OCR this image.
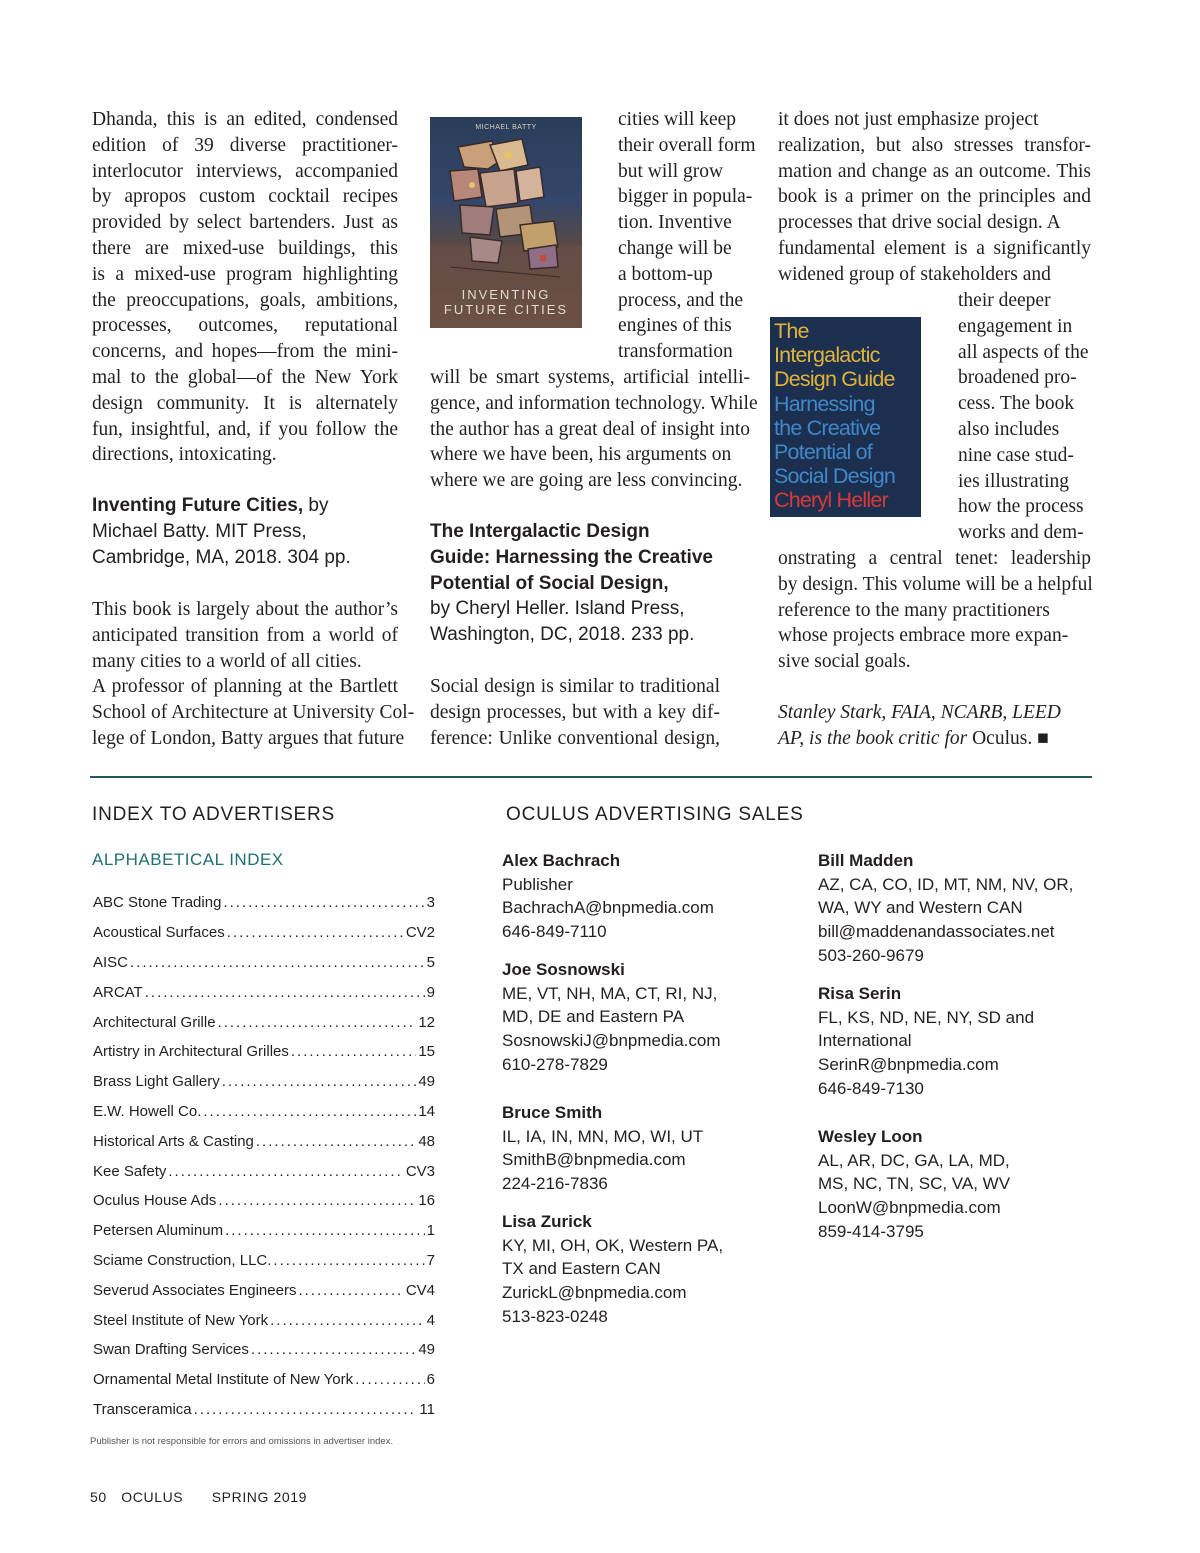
Dhanda, this is an edited, condensed
edition of 39 diverse practitioner-
interlocutor interviews, accompanied
by apropos custom cocktail recipes
provided by select bartenders. Just as
there are mixed-use buildings, this
is a mixed-use program highlighting
the preoccupations, goals, ambitions,
processes, outcomes, reputational
concerns, and hopes—from the mini-
mal to the global—of the New York
design community. It is alternately
fun, insightful, and, if you follow the
directions, intoxicating.
Inventing Future Cities, by
Michael Batty. MIT Press,
Cambridge, MA, 2018. 304 pp.
This book is largely about the author’s
anticipated transition from a world of
many cities to a world of all cities.
A professor of planning at the Bartlett
School of Architecture at University Col-
lege of London, Batty argues that future
MICHAEL BATTY
INVENTING
FUTURE CITIES
cities will keep
their overall form
but will grow
bigger in popula-
tion. Inventive
change will be
a bottom-up
process, and the
engines of this
transformation
will be smart systems, artificial intelli-
gence, and information technology. While
the author has a great deal of insight into
where we have been, his arguments on
where we are going are less convincing.
The Intergalactic Design
Guide: Harnessing the Creative
Potential of Social Design,
by Cheryl Heller. Island Press,
Washington, DC, 2018. 233 pp.
Social design is similar to traditional
design processes, but with a key dif-
ference: Unlike conventional design,
it does not just emphasize project
realization, but also stresses transfor-
mation and change as an outcome. This
book is a primer on the principles and
processes that drive social design. A
fundamental element is a significantly
widened group of stakeholders and
The
Intergalactic
Design Guide
Harnessing
the Creative
Potential of
Social Design
Cheryl Heller
their deeper
engagement in
all aspects of the
broadened pro-
cess. The book
also includes
nine case stud-
ies illustrating
how the process
works and dem-
onstrating a central tenet: leadership
by design. This volume will be a helpful
reference to the many practitioners
whose projects embrace more expan-
sive social goals.
Stanley Stark, FAIA, NCARB, LEED
AP, is the book critic for Oculus. ■
INDEX TO ADVERTISERS
ALPHABETICAL INDEX
ABC Stone Trading .....	3
Acoustical Surfaces .....	CV2
AISC .....	5
ARCAT .....	9
Architectural Grille .....	12
Artistry in Architectural Grilles .....	15
Brass Light Gallery .....	49
E.W. Howell Co. .....	14
Historical Arts & Casting .....	48
Kee Safety .....	CV3
Oculus House Ads .....	16
Petersen Aluminum .....	1
Sciame Construction, LLC. .....	7
Severud Associates Engineers .....	CV4
Steel Institute of New York .....	4
Swan Drafting Services .....	49
Ornamental Metal Institute of New York .....	6
Transceramica .....	11
Publisher is not responsible for errors and omissions in advertiser index.
OCULUS ADVERTISING SALES
Alex Bachrach
Publisher
BachrachA@bnpmedia.com
646-849-7110
Joe Sosnowski
ME, VT, NH, MA, CT, RI, NJ,
MD, DE and Eastern PA
SosnowskiJ@bnpmedia.com
610-278-7829
Bruce Smith
IL, IA, IN, MN, MO, WI, UT
SmithB@bnpmedia.com
224-216-7836
Lisa Zurick
KY, MI, OH, OK, Western PA,
TX and Eastern CAN
ZurickL@bnpmedia.com
513-823-0248
Bill Madden
AZ, CA, CO, ID, MT, NM, NV, OR,
WA, WY and Western CAN
bill@maddenandassociates.net
503-260-9679
Risa Serin
FL, KS, ND, NE, NY, SD and
International
SerinR@bnpmedia.com
646-849-7130
Wesley Loon
AL, AR, DC, GA, LA, MD,
MS, NC, TN, SC, VA, WV
LoonW@bnpmedia.com
859-414-3795
50 OCULUS SPRING 2019
